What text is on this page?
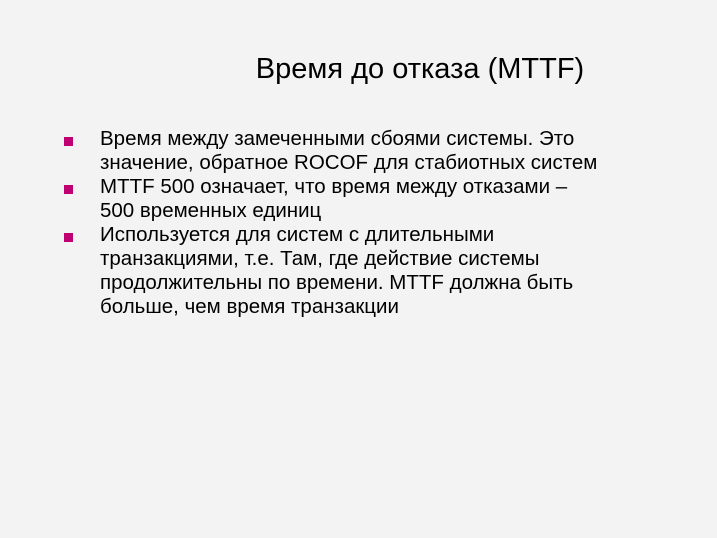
Время до отказа (MTTF)
Время между замеченными сбоями системы. Это
значение, обратное ROCOF для стабиотных систем
MTTF 500 означает, что время между отказами –
500 временных единиц
Используется для систем с длительными
транзакциями, т.е. Там, где действие системы
продолжительны по времени. MTTF должна быть
больше, чем время транзакции
